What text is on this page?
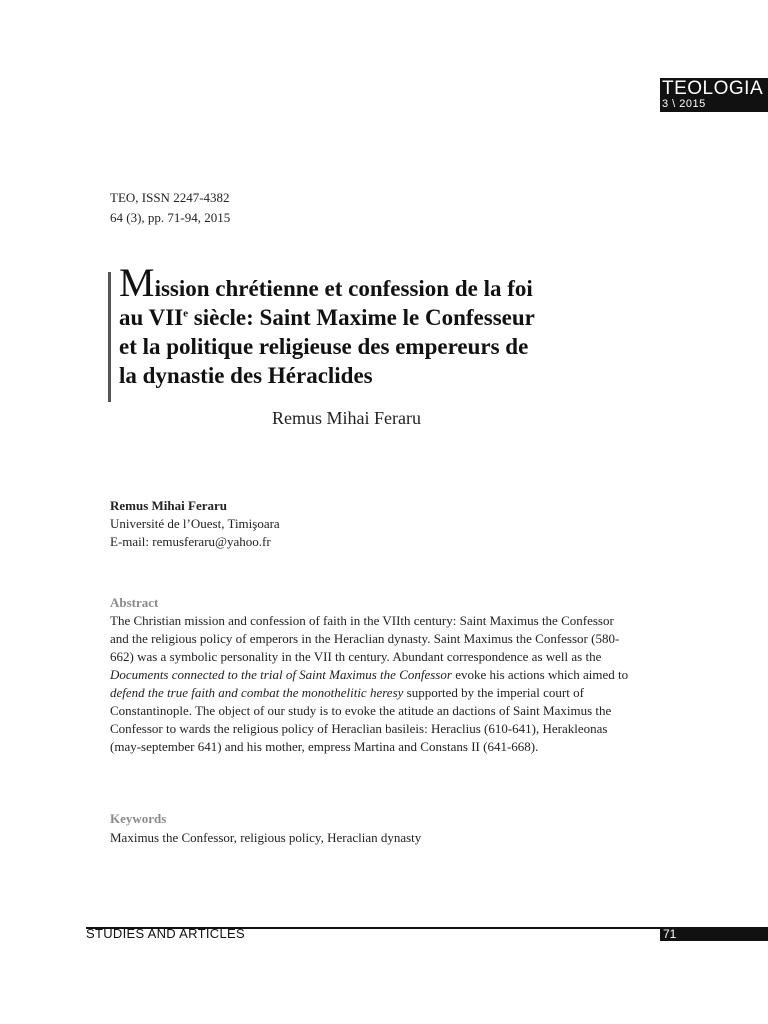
TEOLOGIA
3 \ 2015
TEO, ISSN 2247-4382
64 (3), pp. 71-94, 2015
Mission chrétienne et confession de la foi
au VIIe siècle: Saint Maxime le Confesseur
et la politique religieuse des empereurs de
la dynastie des Héraclides
Remus Mihai Feraru
Remus Mihai Feraru
Université de l’Ouest, Timişoara
E-mail: remusferaru@yahoo.fr
Abstract
The Christian mission and confession of faith in the VIIth century: Saint Maximus the Confessor and the religious policy of emperors in the Heraclian dynasty. Saint Maximus the Confessor (580-662) was a symbolic personality in the VII th century. Abundant correspondence as well as the Documents connected to the trial of Saint Maximus the Confessor evoke his actions which aimed to defend the true faith and combat the monothelitic heresy supported by the imperial court of Constantinople. The object of our study is to evoke the atitude an dactions of Saint Maximus the Confessor to wards the religious policy of Heraclian basileis: Heraclius (610-641), Herakleonas (may-september 641) and his mother, empress Martina and Constans II (641-668).
Keywords
Maximus the Confessor, religious policy, Heraclian dynasty
STUDIES AND ARTICLES	71
